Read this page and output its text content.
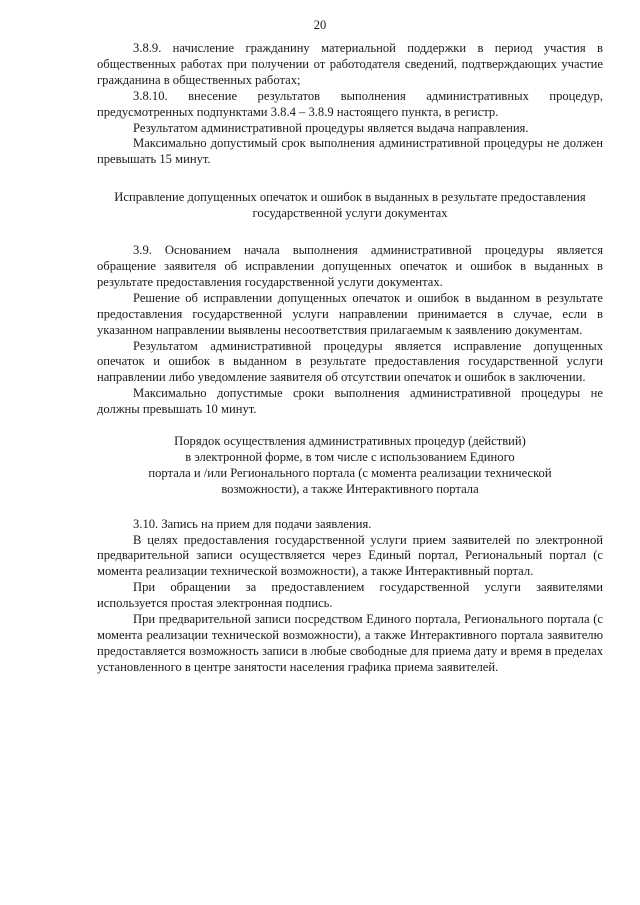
20

3.8.9. начисление гражданину материальной поддержки в период участия в общественных работах при получении от работодателя сведений, подтверждающих участие гражданина в общественных работах;

3.8.10. внесение результатов выполнения административных процедур, предусмотренных подпунктами 3.8.4 – 3.8.9 настоящего пункта, в регистр.

Результатом административной процедуры является выдача направления.

Максимально допустимый срок выполнения административной процедуры не должен превышать 15 минут.

Исправление допущенных опечаток и ошибок в выданных в результате предоставления государственной услуги документах

3.9. Основанием начала выполнения административной процедуры является обращение заявителя об исправлении допущенных опечаток и ошибок в выданных в результате предоставления государственной услуги документах.

Решение об исправлении допущенных опечаток и ошибок в выданном в результате предоставления государственной услуги направлении принимается в случае, если в указанном направлении выявлены несоответствия прилагаемым к заявлению документам.

Результатом административной процедуры является исправление допущенных опечаток и ошибок в выданном в результате предоставления государственной услуги направлении либо уведомление заявителя об отсутствии опечаток и ошибок в заключении.

Максимально допустимые сроки выполнения административной процедуры не должны превышать 10 минут.

Порядок осуществления административных процедур (действий)
в электронной форме, в том числе с использованием Единого
портала и /или Регионального портала (с момента реализации технической
возможности), а также Интерактивного портала

3.10. Запись на прием для подачи заявления.

В целях предоставления государственной услуги прием заявителей по электронной предварительной записи осуществляется через Единый портал, Региональный портал (с момента реализации технической возможности), а также Интерактивный портал.

При обращении за предоставлением государственной услуги заявителями используется простая электронная подпись.

При предварительной записи посредством Единого портала, Регионального портала (с момента реализации технической возможности), а также Интерактивного портала заявителю предоставляется возможность записи в любые свободные для приема дату и время в пределах установленного в центре занятости населения графика приема заявителей.
